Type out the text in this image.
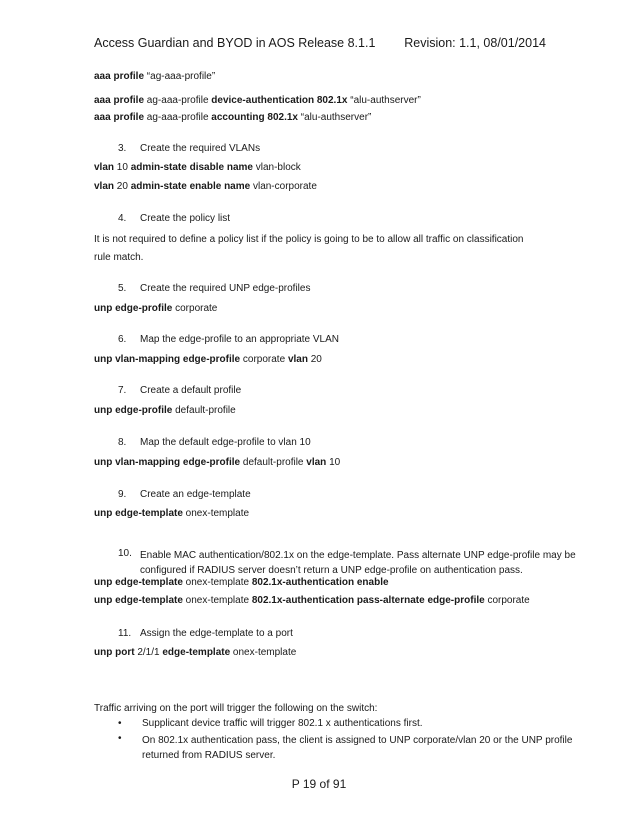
Access Guardian and BYOD in AOS Release 8.1.1 Revision: 1.1, 08/01/2014
aaa profile “ag-aaa-profile”
aaa profile ag-aaa-profile device-authentication 802.1x “alu-authserver”
aaa profile ag-aaa-profile accounting 802.1x “alu-authserver”
3. Create the required VLANs
vlan 10 admin-state disable name vlan-block
vlan 20 admin-state enable name vlan-corporate
4. Create the policy list
It is not required to define a policy list if the policy is going to be to allow all traffic on classification
rule match.
5. Create the required UNP edge-profiles
unp edge-profile corporate
6. Map the edge-profile to an appropriate VLAN
unp vlan-mapping edge-profile corporate vlan 20
7. Create a default profile
unp edge-profile default-profile
8. Map the default edge-profile to vlan 10
unp vlan-mapping edge-profile default-profile vlan 10
9. Create an edge-template
unp edge-template onex-template
10. Enable MAC authentication/802.1x on the edge-template. Pass alternate UNP edge-profile may be configured if RADIUS server doesn’t return a UNP edge-profile on authentication pass.
unp edge-template onex-template 802.1x-authentication enable
unp edge-template onex-template 802.1x-authentication pass-alternate edge-profile corporate
11. Assign the edge-template to a port
unp port 2/1/1 edge-template onex-template
Traffic arriving on the port will trigger the following on the switch:
• Supplicant device traffic will trigger 802.1 x authentications first.
•	On 802.1x authentication pass, the client is assigned to UNP corporate/vlan 20 or the UNP profile returned from RADIUS server.
P 19 of 91
